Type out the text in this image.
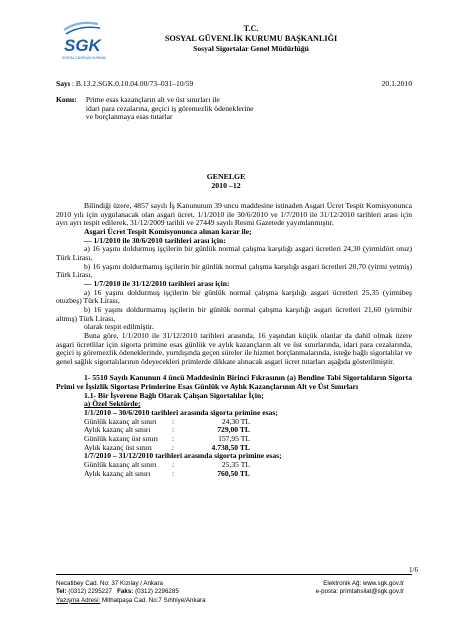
SGK
SOSYAL GÜVENLİK KURUMU
T.C.
SOSYAL GÜVENLİK KURUMU BAŞKANLIĞI
Sosyal Sigortalar Genel Müdürlüğü
Sayı : B.13.2.SGK.0.10.04.00/73–031–10/59	20.1.2010
Konu: Prime esas kazançların alt ve üst sınırları ile
idari para cezalarına, geçici iş göremezlik ödeneklerine
ve borçlanmaya esas tutarlar
GENELGE
2010 –12
Bilindiği üzere, 4857 sayılı İş Kanununun 39 uncu maddesine istinaden Asgari Ücret Tespit Komisyonunca 2010 yılı için uygulanacak olan asgari ücret, 1/1/2010 ile 30/6/2010 ve 1/7/2010 ile 31/12/2010 tarihleri arası için ayrı ayrı tespit edilerek, 31/12/2009 tarihli ve 27449 sayılı Resmi Gazetede yayımlanmıştır.
Asgari Ücret Tespit Komisyonunca alınan karar ile;
— 1/1/2010 ile 30/6/2010 tarihleri arası için:
a) 16 yaşını doldurmuş işçilerin bir günlük normal çalışma karşılığı asgari ücretleri 24,30 (yirmidört otuz) Türk Lirası,
b) 16 yaşını doldurmamış işçilerin bir günlük normal çalışma karşılığı asgari ücretleri 20,70 (yirmi yetmiş) Türk Lirası,
— 1/7/2010 ile 31/12/2010 tarihleri arası için:
a) 16 yaşını doldurmuş işçilerin bir günlük normal çalışma karşılığı asgari ücretleri 25,35 (yirmibeş otuzbeş) Türk Lirası,
b) 16 yaşını doldurmamış işçilerin bir günlük normal çalışma karşılığı asgari ücretleri 21,60 (yirmibir altmış) Türk Lirası,
olarak tespit edilmiştir.
Buna göre, 1/1/2010 ile 31/12/2010 tarihleri arasında, 16 yaşından küçük olanlar da dahil olmak üzere asgari ücretlilar için sigorta primine esas günlük ve aylık kazançların alt ve üst sınırlarında, idari para cezalarında, geçici iş göremezlik ödeneklerinde, yurtdışında geçen süreler ile hizmet borçlanmalarında, isteğe bağlı sigortalılar ve genel sağlık sigortalılarının ödeyecekleri primlerde dikkate alınacak asgari ücret tutarları aşağıda gösterilmiştir.
1- 5510 Sayılı Kanunun 4 üncü Maddesinin Birinci Fıkrasının (a) Bendine Tabi Sigortalıların Sigorta Primi ve İşsizlik Sigortası Primlerine Esas Günlük ve Aylık Kazançlarının Alt ve Üst Sınırları
1.1- Bir İşverene Bağlı Olarak Çalışan Sigortalılar İçin;
a) Özel Sektörde;
1/1/2010 – 30/6/2010 tarihleri arasında sigorta primine esas;
Günlük kazanç alt sınırı	:	24,30 TL
Aylık kazanç alt sınırı	:	729,00 TL
Günlük kazanç üst sınırı	:	157,95 TL
Aylık kazanç üst sınırı	:	4.738,50 TL
1/7/2010 – 31/12/2010 tarihleri arasında sigorta primine esas;
Günlük kazanç alt sınırı	:	25,35 TL
Aylık kazanç alt sınırı	:	760,50 TL
1/6
Necatibey Cad. No: 37 Kızılay / Ankara	Elektronik Ağ: www.sgk.gov.tr
Tel: (0312) 2295227 Faks: (0312) 2296285	e-posta: primtahsilat@sgk.gov.tr
Yazışma Adresi: Mithatpaşa Cad. No:7 Sıhhiye/Ankara
